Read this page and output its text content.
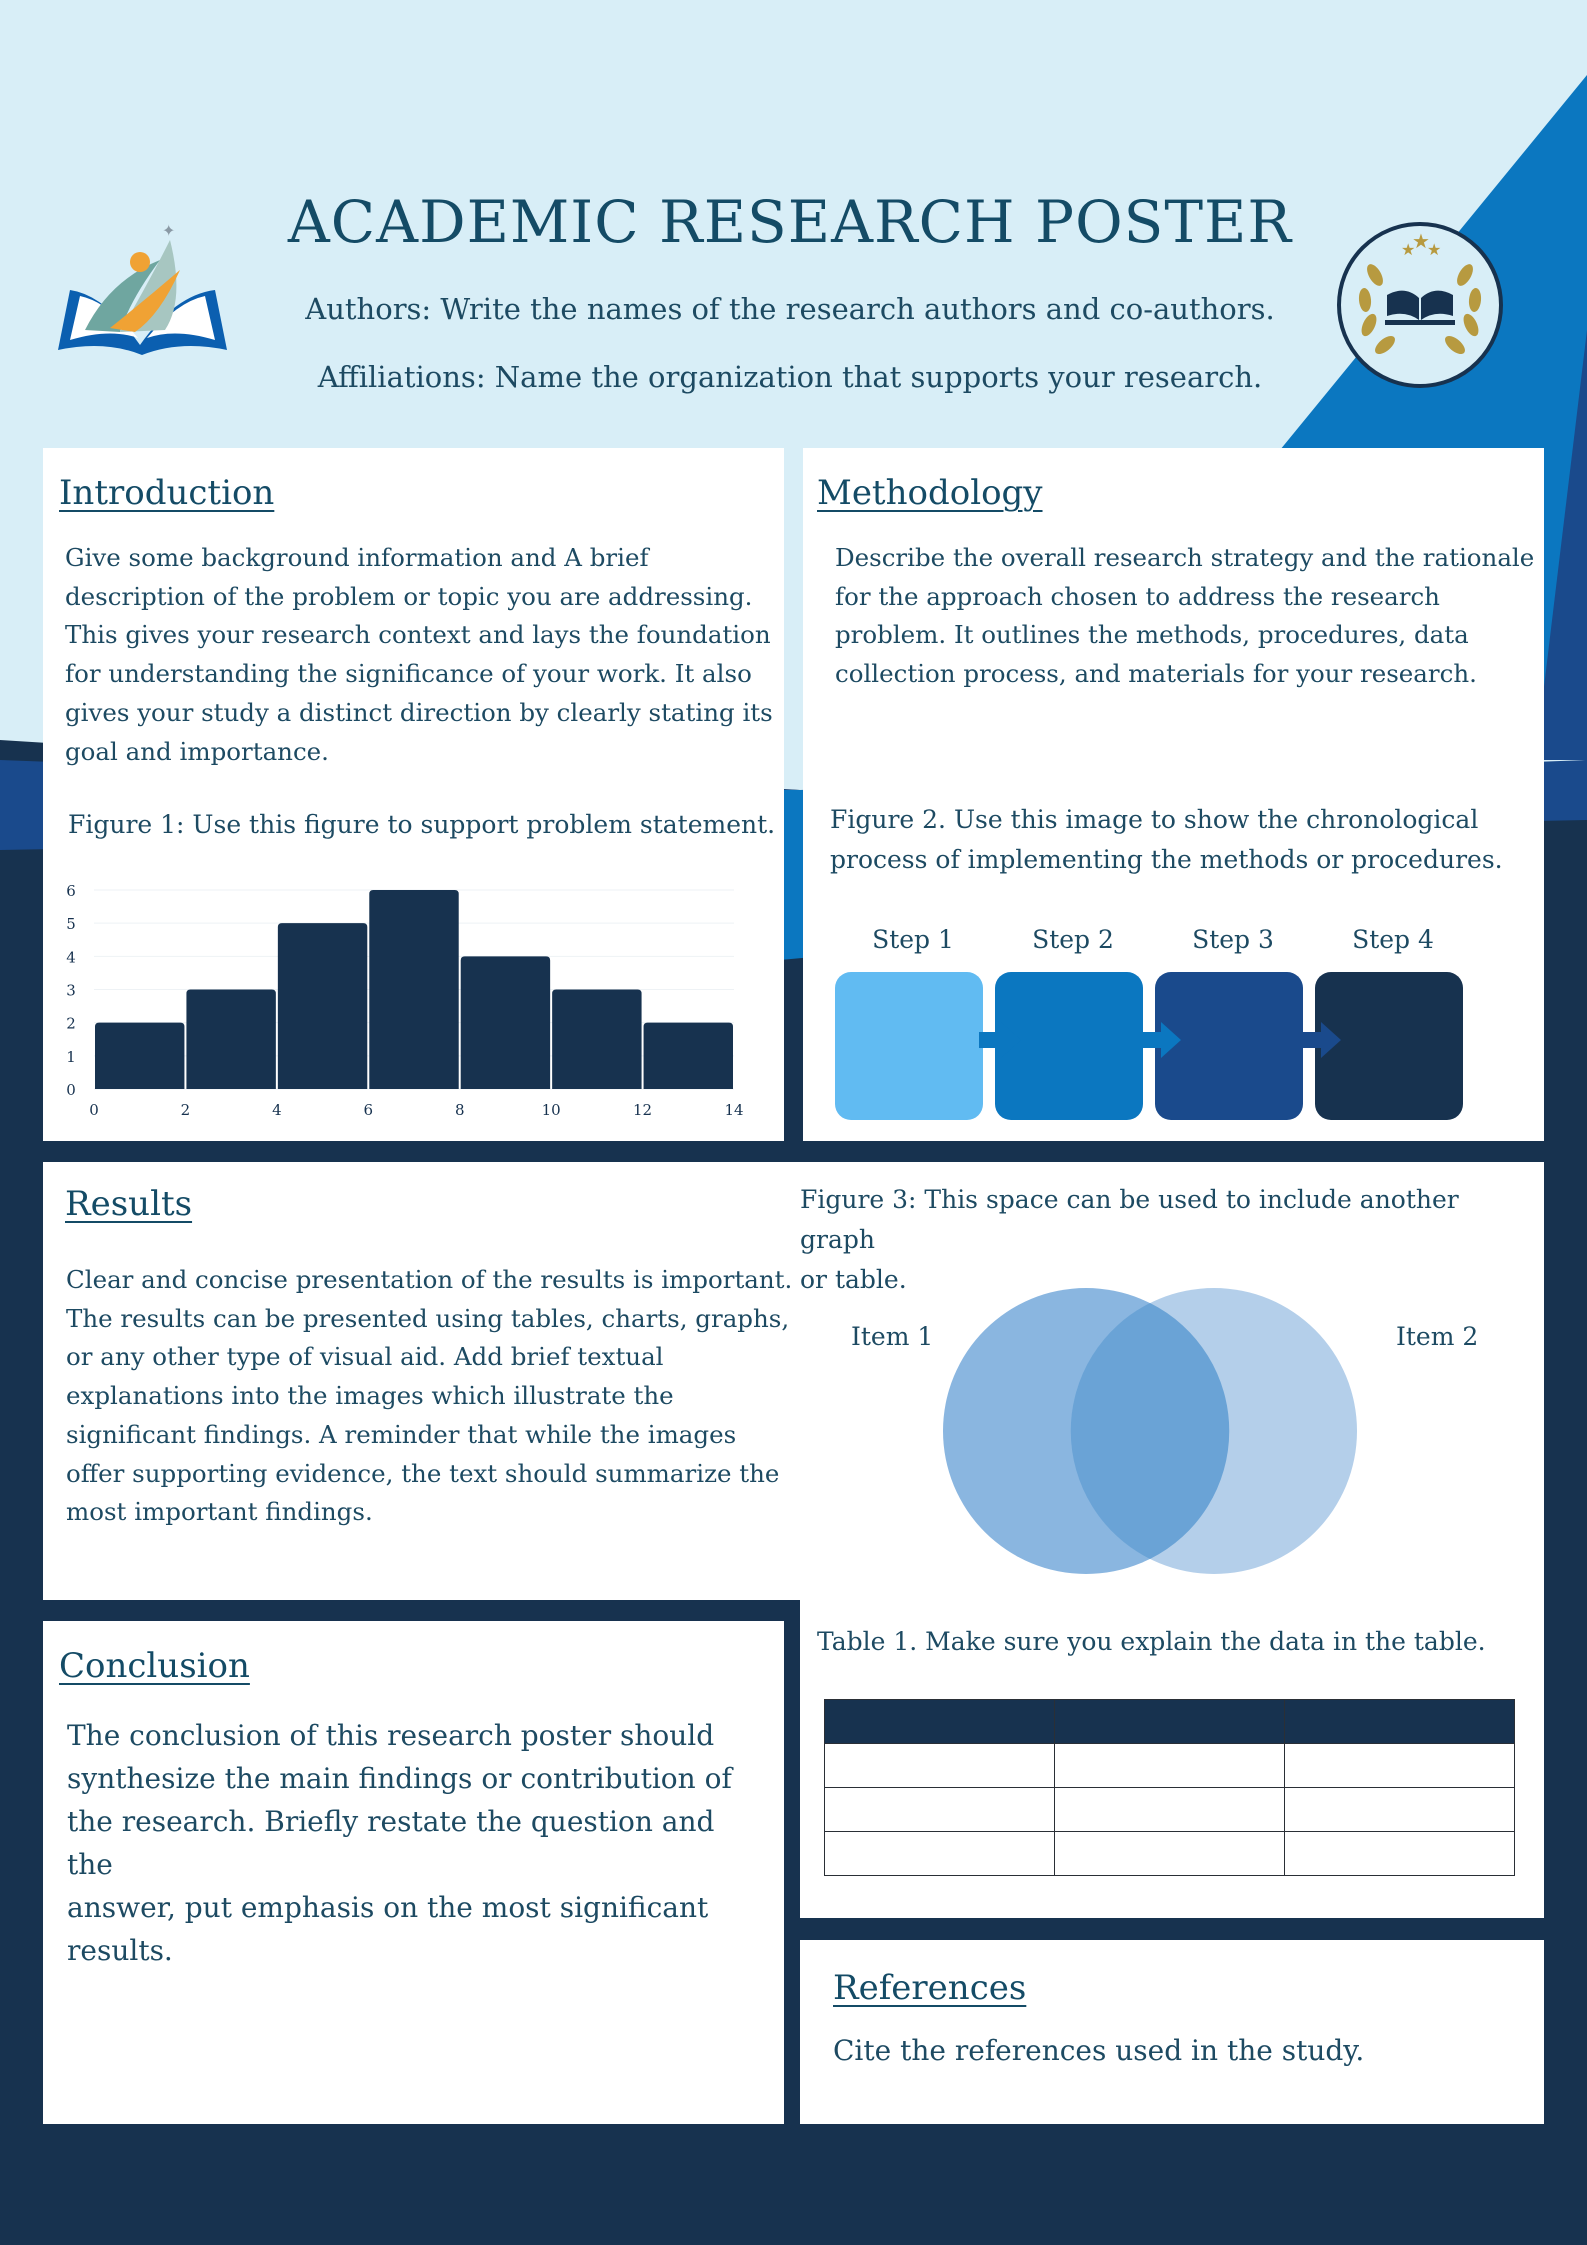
✦
★
★
★
ACADEMIC RESEARCH POSTER
Authors: Write the names of the research authors and co-authors.
Affiliations: Name the organization that supports your research.
Introduction
Give some background information and A brief
description of the problem or topic you are addressing.
This gives your research context and lays the foundation
for understanding the significance of your work. It also
gives your study a distinct direction by clearly stating its
goal and importance.
Figure 1: Use this figure to support problem statement.
0
1
2
3
4
5
6
0	2	4	6	8	10	12	14
Methodology
Describe the overall research strategy and the rationale
for the approach chosen to address the research
problem. It outlines the methods, procedures, data
collection process, and materials for your research.
Figure 2. Use this image to show the chronological
process of implementing the methods or procedures.
Step 1	Step 2	Step 3	Step 4
Results
Clear and concise presentation of the results is important.
The results can be presented using tables, charts, graphs,
or any other type of visual aid. Add brief textual
explanations into the images which illustrate the
significant findings. A reminder that while the images
offer supporting evidence, the text should summarize the
most important findings.
Figure 3: This space can be used to include another graph
or table.
Item 1	Item 2
Table 1. Make sure you explain the data in the table.

Conclusion
The conclusion of this research poster should
synthesize the main findings or contribution of
the research. Briefly restate the question and the
answer, put emphasis on the most significant
results.
References
Cite the references used in the study.
